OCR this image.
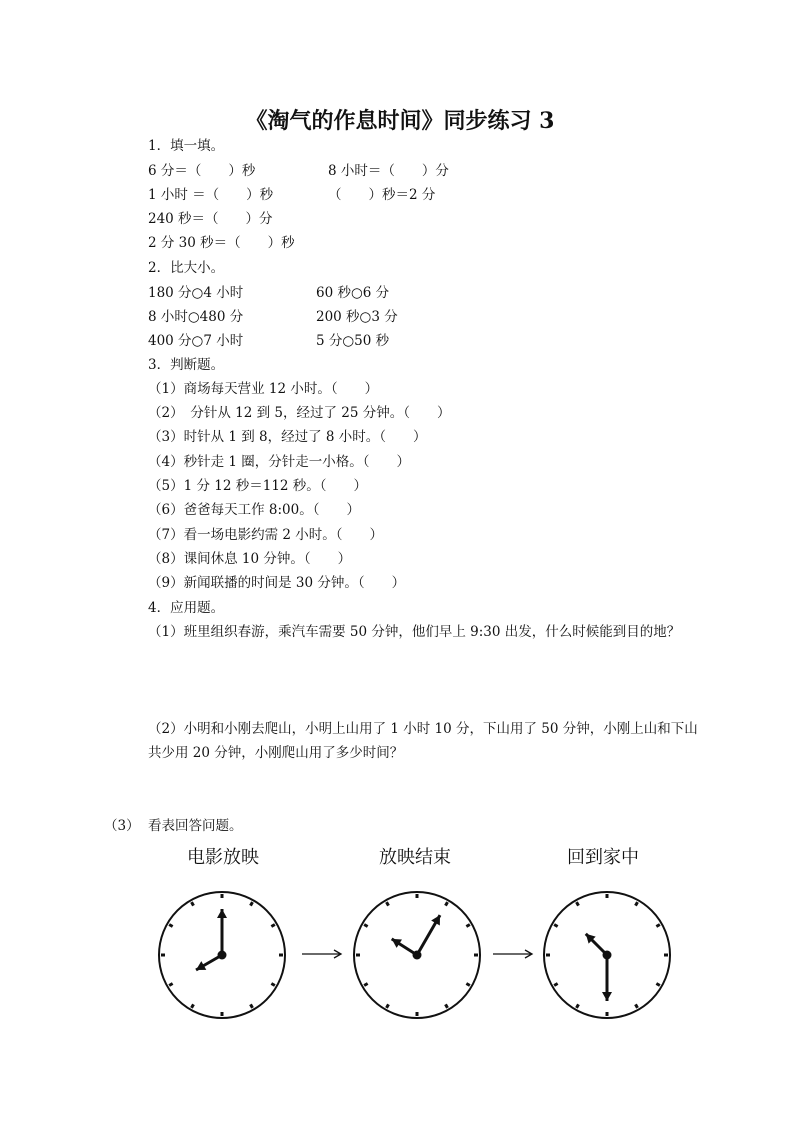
《淘气的作息时间》同步练习 3
1．填一填。
6 分＝（　　）秒	8 小时＝（　　）分
1 小时 ＝（　　）秒	（　　）秒＝2 分
240 秒＝（　　）分
2 分 30 秒＝（　　）秒
2．比大小。
180 分○4 小时	60 秒○6 分
8 小时○480 分	200 秒○3 分
400 分○7 小时	5 分○50 秒
3．判断题。
（1）商场每天营业 12 小时。（　　）
（2）　分针从 12 到 5，经过了 25 分钟。（　　）
（3）时针从 1 到 8，经过了 8 小时。（　　）
（4）秒针走 1 圈，分针走一小格。（　　）
（5）1 分 12 秒＝112 秒。（　　）
（6）爸爸每天工作 8:00。（　　）
（7）看一场电影约需 2 小时。（　　）
（8）课间休息 10 分钟。（　　）
（9）新闻联播的时间是 30 分钟。（　　）
4．应用题。
（1）班里组织春游，乘汽车需要 50 分钟，他们早上 9:30 出发，什么时候能到目的地？
（2）小明和小刚去爬山，小明上山用了 1 小时 10 分，下山用了 50 分钟，小刚上山和下山
共少用 20 分钟，小刚爬山用了多少时间？
（3） 看表回答问题。
电影放映	放映结束	回到家中
